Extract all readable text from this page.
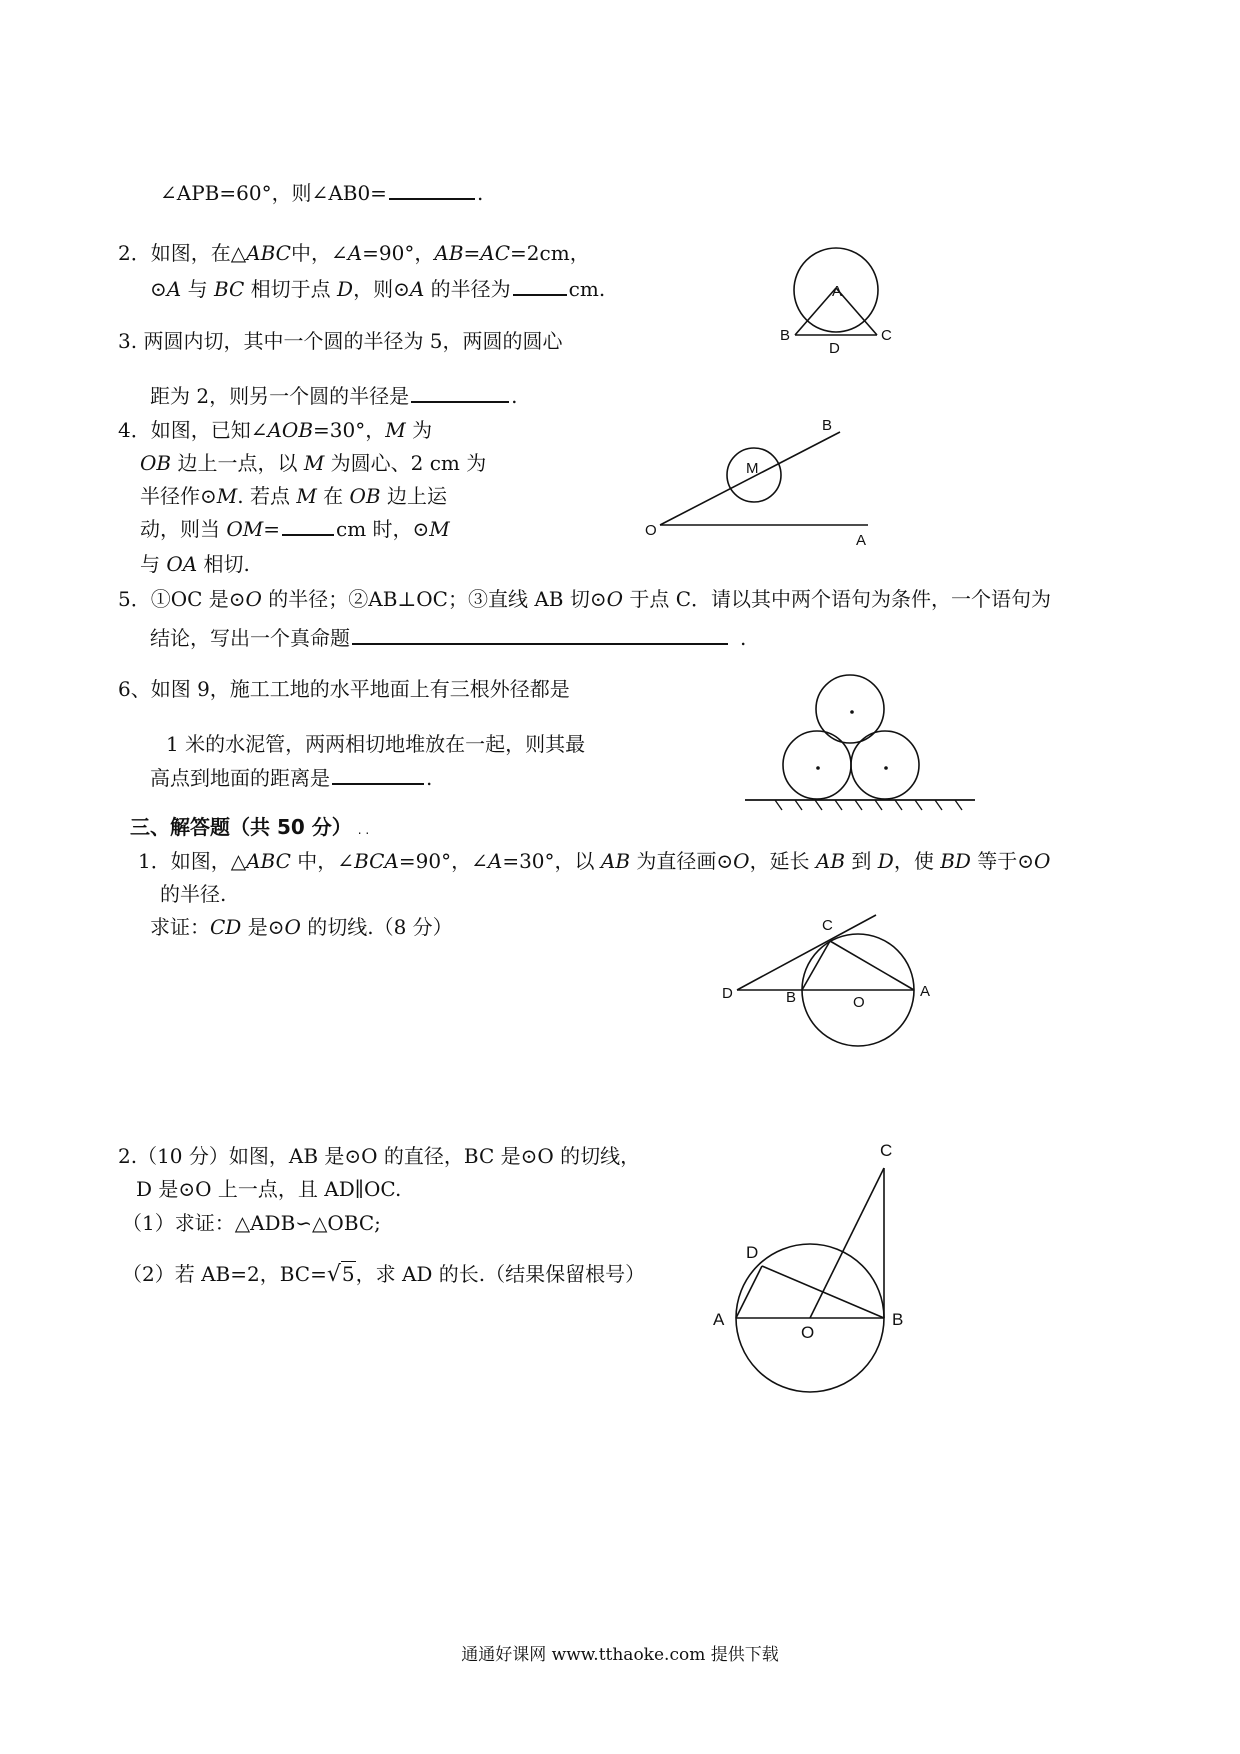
∠APB=60°，则∠AB0=	.
2．如图，在△ABC中，∠A=90°，AB=AC=2cm，
⊙A 与 BC 相切于点 D，则⊙A 的半径为	cm.	A
B
D
C
3. 两圆内切，其中一个圆的半径为 5，两圆的圆心
距为 2，则另一个圆的半径是	.
4．如图，已知∠AOB=30°，M 为
OB 边上一点，以 M 为圆心、2 cm 为
半径作⊙M. 若点 M 在 OB 边上运
动，则当 OM=	cm 时，⊙M
与 OA 相切.
B
M
O
A
5．①OC 是⊙O 的半径；②AB⊥OC；③直线 AB 切⊙O 于点 C．请以其中两个语句为条件，一个语句为
结论，写出一个真命题	.
6、如图 9，施工工地的水平地面上有三根外径都是
1 米的水泥管，两两相切地堆放在一起，则其最
高点到地面的距离是	.
三、解答题（共 50 分） . .
1．如图，△ABC 中，∠BCA=90°，∠A=30°，以 AB 为直径画⊙O，延长 AB 到 D，使 BD 等于⊙O
的半径.
求证：CD 是⊙O 的切线.（8 分）	C
D	B	O
A
2.（10 分）如图，AB 是⊙O 的直径，BC 是⊙O 的切线，
D 是⊙O 上一点，且 AD∥OC.
（1）求证：△ADB∽△OBC;
（2）若 AB=2，BC=√5，求 AD 的长.（结果保留根号）
C
D
A
O
B
通通好课网 www.tthaoke.com 提供下载
